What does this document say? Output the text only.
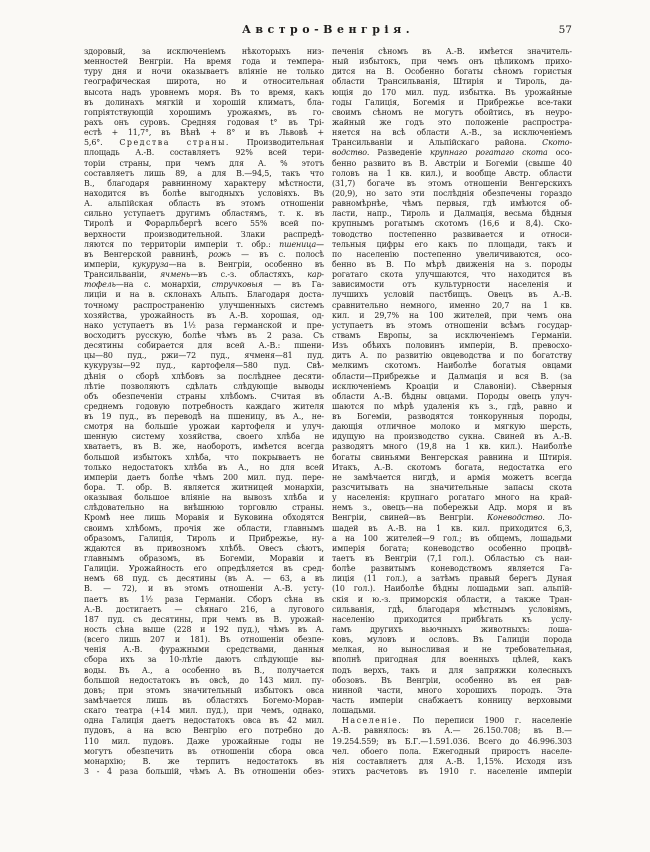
Австро-Венгрія.	57
здоровый, за исключеніемъ нѣкоторыхъ низ-
менностей Венгріи. На время года и темпера-
туру дня и ночи оказываетъ вліяніе не только
географическая широта, но и относительная
высота надъ уровнемъ моря. Въ то время, какъ
въ долинахъ мягкій и хорошій климатъ, бла-
гопріятствующій хорошимъ урожаямъ, въ го-
рахъ онъ суровъ. Средняя годовая t° въ Трі-
естѣ + 11,7°, въ Вѣнѣ + 8° и въ Львовѣ +
5,6°. Средства страны. Производительная
площадь А.-В. составляетъ 92% всей тери-
торіи страны, при чемъ для А. % этотъ
составляетъ лишь 89, а для В.—94,5, такъ что
В., благодаря равнинному характеру мѣстности,
находится въ болѣе выгодныхъ условіяхъ. Въ
А. альпійская область въ этомъ отношеніи
сильно уступаетъ другимъ областямъ, т. к. въ
Тиролѣ и Форарльбергѣ всего 55% всей по-
верхности производительной. Злаки распредѣ-
ляются по территоріи имперіи т. обр.: пшеница—
въ Венгерской равнинѣ, рожь — въ с. полосѣ
имперіи, кукуруза—на в. Венгріи, особенно въ
Трансильваніи, ячмень—въ с.-з. областяхъ, кар-
тофель—на с. монархіи, стручковыя — въ Га-
лиціи и на в. склонахъ Альпъ. Благодаря доста-
точному распространенію улучшенныхъ системъ
хозяйства, урожайность въ А.-В. хорошая, од-
нако уступаетъ въ 1½ раза германской и пре-
восходитъ русскую, болѣе чѣмъ въ 2 раза. Съ
десятины собирается для всей А.-В.: пшени-
цы—80 пуд., ржи—72 пуд., ячменя—81 пуд.
кукурузы—92 пуд., картофеля—580 пуд. Свѣ-
дѣнія о сборѣ хлѣбовъ за послѣднее десяти-
лѣтіе позволяютъ сдѣлать слѣдующіе выводы
объ обезпеченіи страны хлѣбомъ. Считая въ
среднемъ годовую потребность каждаго жителя
въ 19 пуд., въ переводѣ на пшеницу, въ А., не-
смотря на большіе урожаи картофеля и улуч-
шенную систему хозяйства, своего хлѣба не
хватаетъ, въ В. же, наоборотъ, имѣется всегда
большой избытокъ хлѣба, что покрываетъ не
только недостатокъ хлѣба въ А., но для всей
имперіи даетъ болѣе чѣмъ 200 мил. пуд. пере-
бора. Т. обр. В. является житницей монархіи,
оказывая большое вліяніе на вывозъ хлѣба и
слѣдовательно на внѣшнюю торговлю страны.
Кромѣ нее лишь Моравія и Буковина обходятся
своимъ хлѣбомъ, прочія же области, главнымъ
образомъ, Галиція, Тироль и Прибрежье, ну-
ждаются въ привозномъ хлѣбѣ. Овесъ сѣютъ,
главнымъ образомъ, въ Богеміи, Моравіи и
Галиціи. Урожайность его опредѣляется въ сред-
немъ 68 пуд. съ десятины (въ А. — 63, а въ
В. — 72), и въ этомъ отношеніи А.-В. усту-
паетъ въ 1½ раза Германіи. Сборъ сѣна въ
А.-В. достигаетъ — сѣянаго 216, а лугового
187 пуд. съ десятины, при чемъ въ В. урожай-
ность сѣна выше (228 и 192 пуд.), чѣмъ въ А.
(всего лишь 207 и 181). Въ отношеніи обезпе-
ченія А.-В. фуражными средствами, данныя
сбора ихъ за 10-лѣтіе даютъ слѣдующіе вы-
воды. Въ А., а особенно въ В., получается
большой недостатокъ въ овсѣ, до 143 мил. пу-
довъ; при этомъ значительный избытокъ овса
замѣчается лишь въ областяхъ Богемо-Морав-
скаго театра (+14 мил. пуд.), при чемъ, однако,
одна Галиція даетъ недостатокъ овса въ 42 мил.
пудовъ, а на всю Венгрію его потребно до
110 мил. пудовъ. Даже урожайные годы не
могутъ обезпечить въ отношеніи сбора овса
монархію; В. же терпитъ недостатокъ въ
3 - 4 раза большій, чѣмъ А. Въ отношеніи обез-
печенія сѣномъ въ А.-В. имѣется значитель-
ный избытокъ, при чемъ онъ цѣликомъ прихо-
дится на В. Особенно богаты сѣномъ гористыя
области Трансильванія, Штирія и Тироль, да-
ющія до 170 мил. пуд. избытка. Въ урожайные
годы Галиція, Богемія и Прибрежье все-таки
своимъ сѣномъ не могутъ обойтись, въ неуро-
жайный же годъ это положеніе распростра-
няется на всѣ области А.-В., за исключеніемъ
Трансильваніи и Альпійскаго района. Ското-
водство. Разведеніе крупнаго рогатаго скота осо-
бенно развито въ В. Австріи и Богеміи (свыше 40
головъ на 1 кв. кил.), и вообще Австр. области
(31,7) богаче въ этомъ отношеніи Венгерскихъ
(20,9), но зато эти послѣднія обезпечены гораздо
равномѣрнѣе, чѣмъ первыя, гдѣ имѣются об-
ласти, напр., Тироль и Далмація, весьма бѣдныя
крупнымъ рогатымъ скотомъ (16,6 и 8,4). Ско-
товодство постепенно развивается и относи-
тельныя цифры его какъ по площади, такъ и
по населенію постепенно увеличиваются, осо-
бенно въ В. По мѣрѣ движенія на з. породы
рогатаго скота улучшаются, что находится въ
зависимости отъ культурности населенія и
лучшихъ условій пастбищъ. Овецъ въ А.-В.
сравнительно немного, именно 20,7 на 1 кв.
кил. и 29,7% на 100 жителей, при чемъ она
уступаетъ въ этомъ отношеніи всѣмъ государ-
ствамъ Европы, за исключеніемъ Германіи.
Изъ обѣихъ половинъ имперіи, В. превосхо-
дитъ А. по развитію овцеводства и по богатству
мелкимъ скотомъ. Наиболѣе богатыя овцами
области—Прибрежье и Далмація и вся В. (за
исключеніемъ Кроаціи и Славоніи). Сѣверныя
области А.-В. бѣдны овцами. Породы овецъ улуч-
шаются по мѣрѣ удаленія къ з., гдѣ, равно и
въ Богеміи, разводятся тонкорунныя породы,
дающія отличное молоко и мягкую шерсть,
идущую на производство сукна. Свиней въ А.-В.
разводятъ много (19,8 на 1 кв. кил.). Наиболѣе
богаты свиньями Венгерская равнина и Штирія.
Итакъ, А.-В. скотомъ богата, недостатка его
не замѣчается нигдѣ, и армія можетъ всегда
разсчитывать на значительные запасы скота
у населенія: крупнаго рогатаго много на край-
немъ з., овецъ—на побережьи Адр. моря и въ
Венгріи, свиней—въ Венгріи. Коневодство. Ло-
шадей въ А.-В. на 1 кв. кил. приходится 6,3,
а на 100 жителей—9 гол.; въ общемъ, лошадьми
имперія богата; коневодство особенно процвѣ-
таетъ въ Венгріи (7,1 гол.). Областью съ наи-
болѣе развитымъ коневодствомъ является Га-
лиція (11 гол.), а затѣмъ правый берегъ Дуная
(10 гол.). Наиболѣе бѣдны лошадьми зап. альпій-
скія и ю.-з. приморскія области, а также Тран-
сильванія, гдѣ, благодаря мѣстнымъ условіямъ,
населенію приходится прибѣгать къ услу-
гамъ другихъ вьючныхъ животныхъ: лоша-
ковъ, муловъ и ословъ. Въ Галиціи порода
мелкая, но выносливая и не требовательная,
вполнѣ пригодная для военныхъ цѣлей, какъ
подъ верхъ, такъ и для запряжки колесныхъ
обозовъ. Въ Венгріи, особенно въ ея рав-
нинной части, много хорошихъ породъ. Эта
часть имперіи снабжаетъ конницу верховыми
лошадьми.
Населеніе. По переписи 1900 г. населеніе
А.-В. равнялось: въ А.— 26.150.708; въ В.—
19.254.559; въ Б.Г.—1.591.036. Всего до 46.996.303
чел. обоего пола. Ежегодный приростъ населе-
нія составляетъ для А.-В. 1,15%. Исходя изъ
этихъ расчетовъ въ 1910 г. населеніе имперіи
